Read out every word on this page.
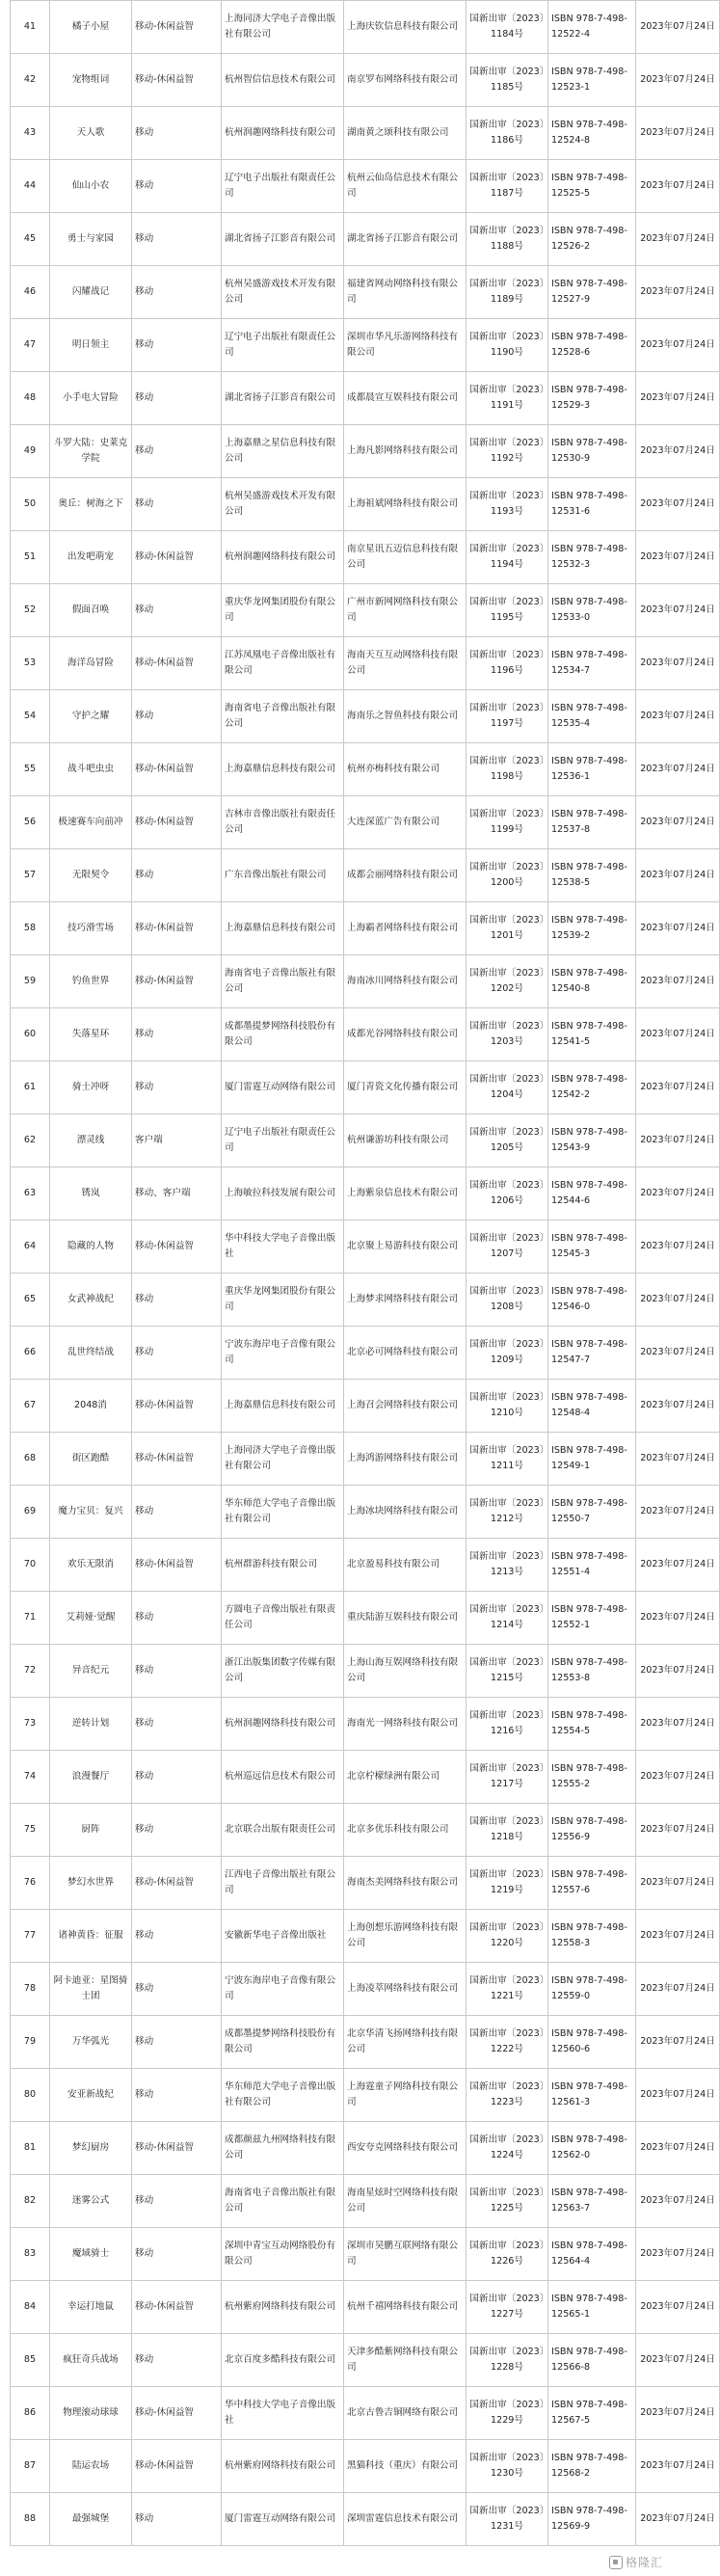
41	橘子小屋	移动-休闲益智	上海同济大学电子音像出版社有限公司	上海庆钦信息科技有限公司	国新出审〔2023〕1184号	ISBN 978-7-498-12522-4	2023年07月24日
42	宠物组词	移动-休闲益智	杭州智信信息技术有限公司	南京罗布网络科技有限公司	国新出审〔2023〕1185号	ISBN 978-7-498-12523-1	2023年07月24日
43	天人歌	移动	杭州润趣网络科技有限公司	湖南黄之颂科技有限公司	国新出审〔2023〕1186号	ISBN 978-7-498-12524-8	2023年07月24日
44	仙山小农	移动	辽宁电子出版社有限责任公司	杭州云仙岛信息技术有限公司	国新出审〔2023〕1187号	ISBN 978-7-498-12525-5	2023年07月24日
45	勇士与家园	移动	湖北省扬子江影音有限公司	湖北省扬子江影音有限公司	国新出审〔2023〕1188号	ISBN 978-7-498-12526-2	2023年07月24日
46	闪耀战记	移动	杭州吴盛游戏技术开发有限公司	福建省网动网络科技有限公司	国新出审〔2023〕1189号	ISBN 978-7-498-12527-9	2023年07月24日
47	明日领主	移动	辽宁电子出版社有限责任公司	深圳市华凡乐游网络科技有限公司	国新出审〔2023〕1190号	ISBN 978-7-498-12528-6	2023年07月24日
48	小手电大冒险	移动	湖北省扬子江影音有限公司	成都晨宣互娱科技有限公司	国新出审〔2023〕1191号	ISBN 978-7-498-12529-3	2023年07月24日
49	斗罗大陆：史莱克学院	移动	上海嘉鼎之星信息科技有限公司	上海凡影网络科技有限公司	国新出审〔2023〕1192号	ISBN 978-7-498-12530-9	2023年07月24日
50	奥丘：树海之下	移动	杭州吴盛游戏技术开发有限公司	上海祖斌网络科技有限公司	国新出审〔2023〕1193号	ISBN 978-7-498-12531-6	2023年07月24日
51	出发吧萌宠	移动-休闲益智	杭州润趣网络科技有限公司	南京星讯五迈信息科技有限公司	国新出审〔2023〕1194号	ISBN 978-7-498-12532-3	2023年07月24日
52	假面召唤	移动	重庆华龙网集团股份有限公司	广州市新网网络科技有限公司	国新出审〔2023〕1195号	ISBN 978-7-498-12533-0	2023年07月24日
53	海洋岛冒险	移动-休闲益智	江苏凤凰电子音像出版社有限公司	海南天互互动网络科技有限公司	国新出审〔2023〕1196号	ISBN 978-7-498-12534-7	2023年07月24日
54	守护之耀	移动	海南省电子音像出版社有限公司	海南乐之智鱼科技有限公司	国新出审〔2023〕1197号	ISBN 978-7-498-12535-4	2023年07月24日
55	战斗吧虫虫	移动-休闲益智	上海嘉鼎信息科技有限公司	杭州亦梅科技有限公司	国新出审〔2023〕1198号	ISBN 978-7-498-12536-1	2023年07月24日
56	极速赛车向前冲	移动-休闲益智	吉林市音像出版社有限责任公司	大连深蓝广告有限公司	国新出审〔2023〕1199号	ISBN 978-7-498-12537-8	2023年07月24日
57	无限契令	移动	广东音像出版社有限公司	成都会丽网络科技有限公司	国新出审〔2023〕1200号	ISBN 978-7-498-12538-5	2023年07月24日
58	技巧滑雪场	移动-休闲益智	上海嘉鼎信息科技有限公司	上海霸者网络科技有限公司	国新出审〔2023〕1201号	ISBN 978-7-498-12539-2	2023年07月24日
59	钓鱼世界	移动-休闲益智	海南省电子音像出版社有限公司	海南冰川网络科技有限公司	国新出审〔2023〕1202号	ISBN 978-7-498-12540-8	2023年07月24日
60	失落星环	移动	成都墨提梦网络科技股份有限公司	成都光谷网络科技有限公司	国新出审〔2023〕1203号	ISBN 978-7-498-12541-5	2023年07月24日
61	骑士冲呀	移动	厦门雷霆互动网络有限公司	厦门青瓷文化传播有限公司	国新出审〔2023〕1204号	ISBN 978-7-498-12542-2	2023年07月24日
62	漂灵线	客户端	辽宁电子出版社有限责任公司	杭州谦游坊科技有限公司	国新出审〔2023〕1205号	ISBN 978-7-498-12543-9	2023年07月24日
63	锈岚	移动、客户端	上海敏拉科技发展有限公司	上海紫泉信息技术有限公司	国新出审〔2023〕1206号	ISBN 978-7-498-12544-6	2023年07月24日
64	隐藏的人物	移动-休闲益智	华中科技大学电子音像出版社	北京聚上易游科技有限公司	国新出审〔2023〕1207号	ISBN 978-7-498-12545-3	2023年07月24日
65	女武神战纪	移动	重庆华龙网集团股份有限公司	上海梦求网络科技有限公司	国新出审〔2023〕1208号	ISBN 978-7-498-12546-0	2023年07月24日
66	乱世终结战	移动	宁波东海岸电子音像有限公司	北京必可网络科技有限公司	国新出审〔2023〕1209号	ISBN 978-7-498-12547-7	2023年07月24日
67	2048消	移动-休闲益智	上海嘉鼎信息科技有限公司	上海召会网络科技有限公司	国新出审〔2023〕1210号	ISBN 978-7-498-12548-4	2023年07月24日
68	街区跑酷	移动-休闲益智	上海同济大学电子音像出版社有限公司	上海鸿游网络科技有限公司	国新出审〔2023〕1211号	ISBN 978-7-498-12549-1	2023年07月24日
69	魔力宝贝：复兴	移动	华东师范大学电子音像出版社有限公司	上海冰块网络科技有限公司	国新出审〔2023〕1212号	ISBN 978-7-498-12550-7	2023年07月24日
70	欢乐无限消	移动-休闲益智	杭州群游科技有限公司	北京盈易科技有限公司	国新出审〔2023〕1213号	ISBN 978-7-498-12551-4	2023年07月24日
71	艾莉娅·觉醒	移动	方圆电子音像出版社有限责任公司	重庆陆游互娱科技有限公司	国新出审〔2023〕1214号	ISBN 978-7-498-12552-1	2023年07月24日
72	异音纪元	移动	浙江出版集团数字传媒有限公司	上海山海互娱网络科技有限公司	国新出审〔2023〕1215号	ISBN 978-7-498-12553-8	2023年07月24日
73	逆转计划	移动	杭州润趣网络科技有限公司	海南光一网络科技有限公司	国新出审〔2023〕1216号	ISBN 978-7-498-12554-5	2023年07月24日
74	浪漫餐厅	移动	杭州巡远信息技术有限公司	北京柠檬绿洲有限公司	国新出审〔2023〕1217号	ISBN 978-7-498-12555-2	2023年07月24日
75	厨阵	移动	北京联合出版有限责任公司	北京多优乐科技有限公司	国新出审〔2023〕1218号	ISBN 978-7-498-12556-9	2023年07月24日
76	梦幻水世界	移动-休闲益智	江西电子音像出版社有限公司	海南杰美网络科技有限公司	国新出审〔2023〕1219号	ISBN 978-7-498-12557-6	2023年07月24日
77	诸神黄昏：征服	移动	安徽新华电子音像出版社	上海创想乐游网络科技有限公司	国新出审〔2023〕1220号	ISBN 978-7-498-12558-3	2023年07月24日
78	阿卡迪亚：星图骑士团	移动	宁波东海岸电子音像有限公司	上海凌萃网络科技有限公司	国新出审〔2023〕1221号	ISBN 978-7-498-12559-0	2023年07月24日
79	万华弧光	移动	成都墨提梦网络科技股份有限公司	北京华清飞扬网络科技有限公司	国新出审〔2023〕1222号	ISBN 978-7-498-12560-6	2023年07月24日
80	安亚新战纪	移动	华东师范大学电子音像出版社有限公司	上海霆童子网络科技有限公司	国新出审〔2023〕1223号	ISBN 978-7-498-12561-3	2023年07月24日
81	梦幻厨房	移动-休闲益智	成都颜兹九州网络科技有限公司	西安夸克网络科技有限公司	国新出审〔2023〕1224号	ISBN 978-7-498-12562-0	2023年07月24日
82	迷雾公式	移动	海南省电子音像出版社有限公司	海南星炫时空网络科技有限公司	国新出审〔2023〕1225号	ISBN 978-7-498-12563-7	2023年07月24日
83	魔域骑士	移动	深圳中青宝互动网络股份有限公司	深圳市昊鹏互联网络有限公司	国新出审〔2023〕1226号	ISBN 978-7-498-12564-4	2023年07月24日
84	幸运打地鼠	移动-休闲益智	杭州紫府网络科技有限公司	杭州千禧网络科技有限公司	国新出审〔2023〕1227号	ISBN 978-7-498-12565-1	2023年07月24日
85	疯狂奇兵战场	移动	北京百度多酷科技有限公司	天津多酷紫网络科技有限公司	国新出审〔2023〕1228号	ISBN 978-7-498-12566-8	2023年07月24日
86	物理滚动球球	移动-休闲益智	华中科技大学电子音像出版社	北京古鲁吉铜网络有限公司	国新出审〔2023〕1229号	ISBN 978-7-498-12567-5	2023年07月24日
87	陆运农场	移动-休闲益智	杭州紫府网络科技有限公司	黑猫科技（重庆）有限公司	国新出审〔2023〕1230号	ISBN 978-7-498-12568-2	2023年07月24日
88	最强城堡	移动	厦门雷霆互动网络有限公司	深圳雷霆信息技术有限公司	国新出审〔2023〕1231号	ISBN 978-7-498-12569-9	2023年07月24日
格隆汇
